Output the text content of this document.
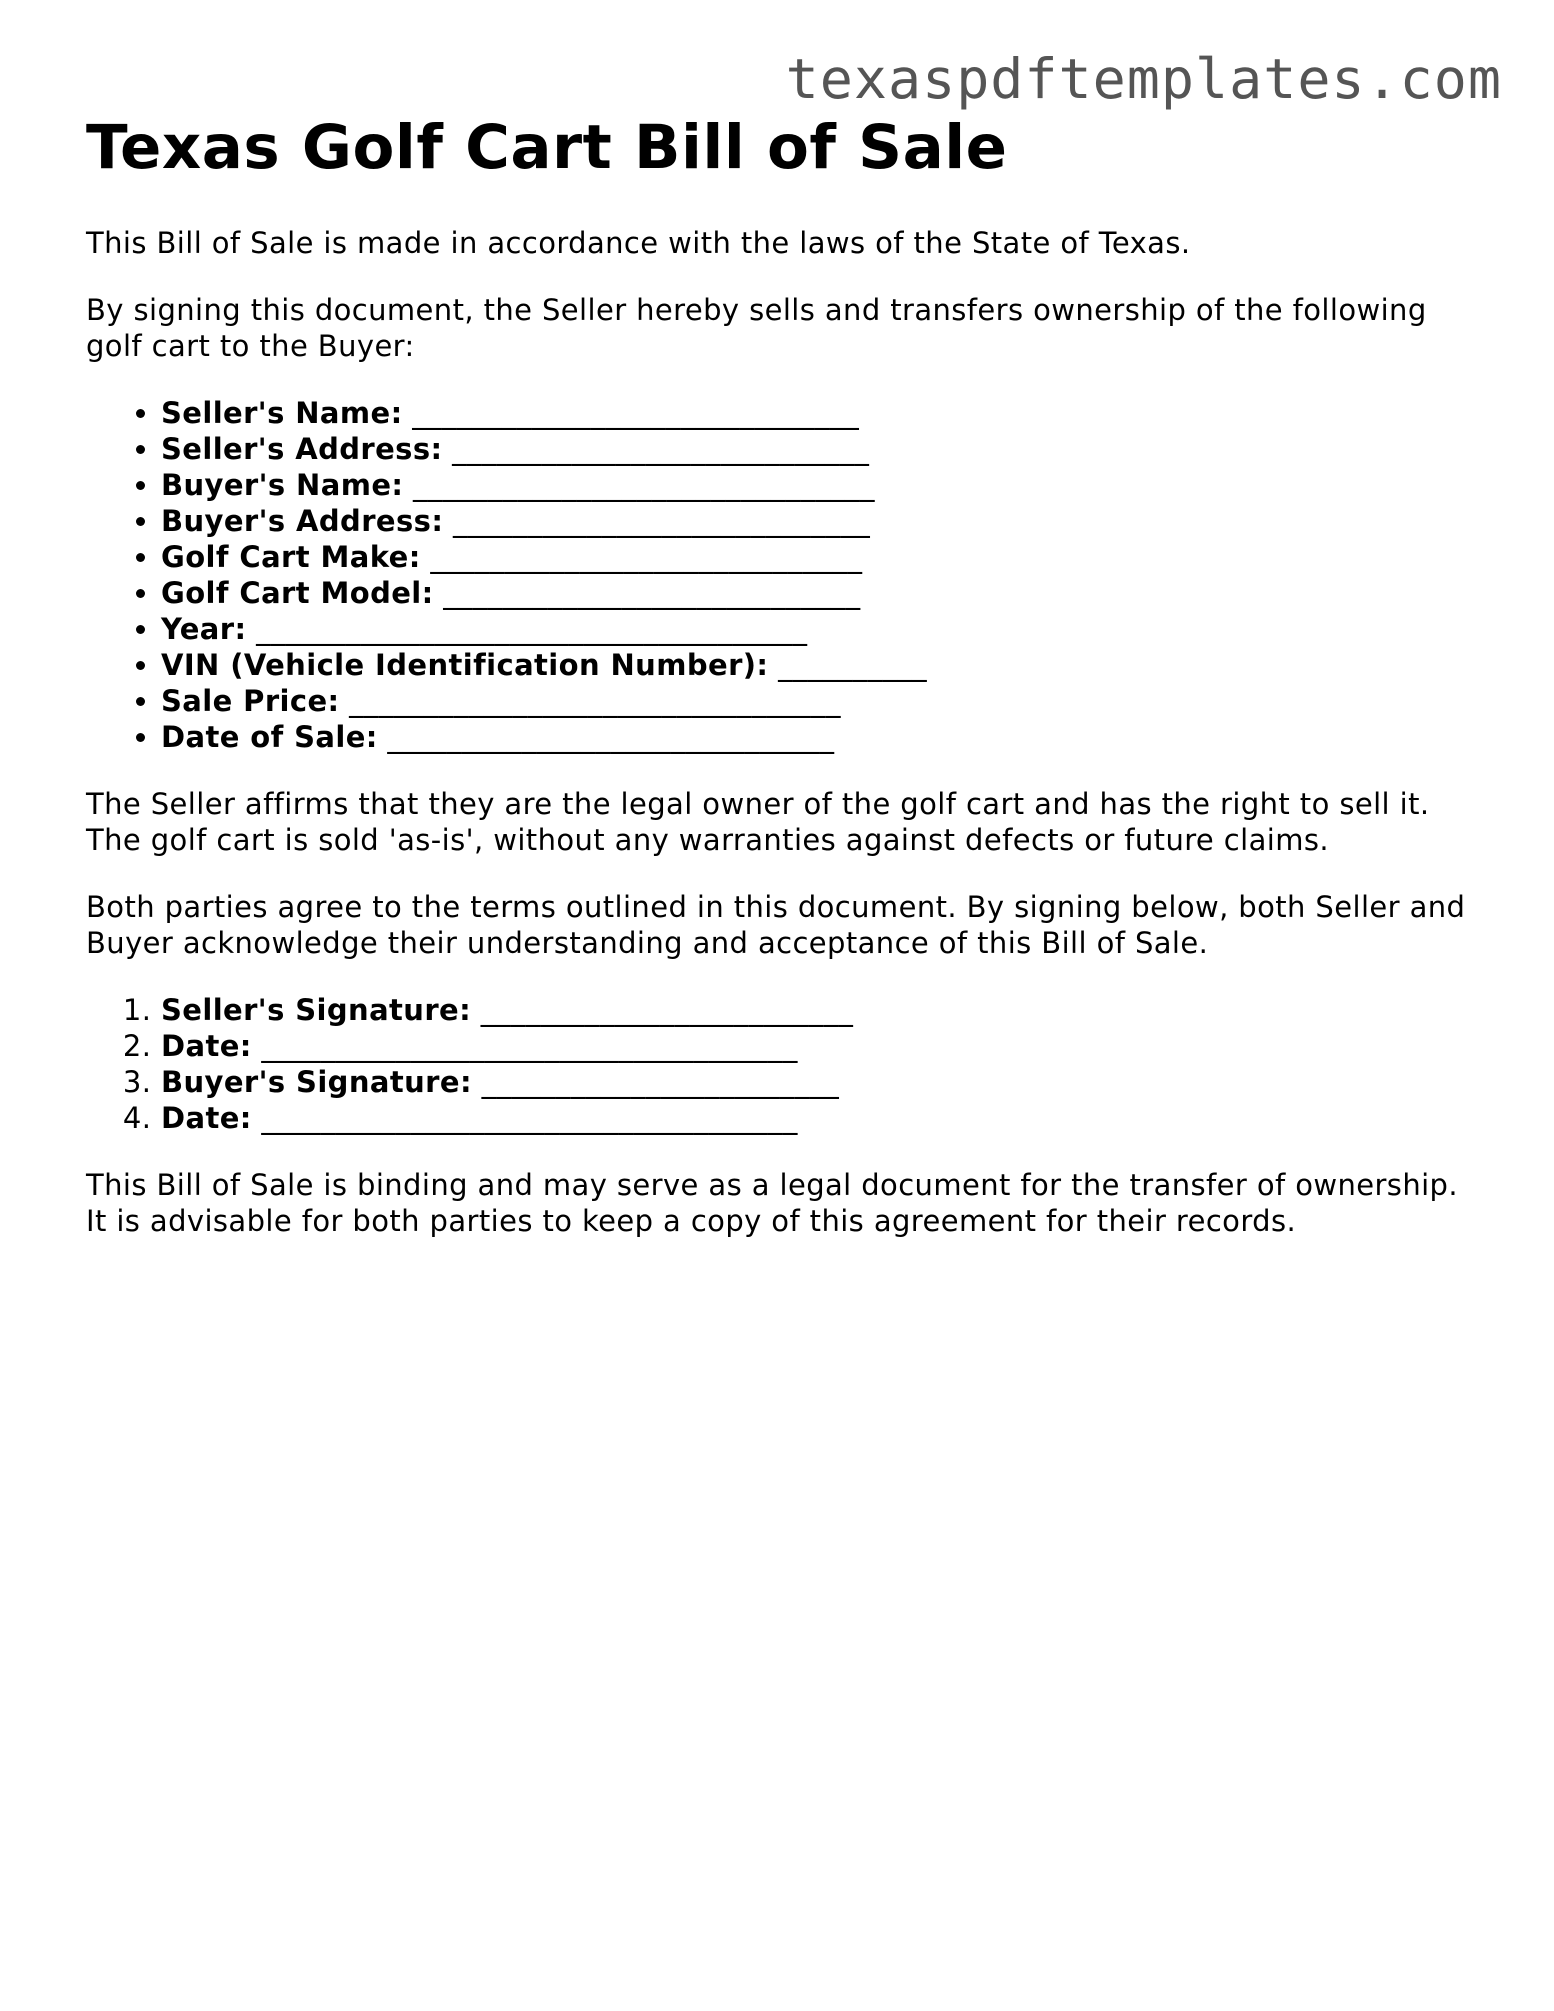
texaspdftemplates.com
Texas Golf Cart Bill of Sale

This Bill of Sale is made in accordance with the laws of the State of Texas.

By signing this document, the Seller hereby sells and transfers ownership of the following golf cart to the Buyer:

• Seller's Name: ______________________________
• Seller's Address: ____________________________
• Buyer's Name: _______________________________
• Buyer's Address: ____________________________
• Golf Cart Make: _____________________________
• Golf Cart Model: ____________________________
• Year: _____________________________________
• VIN (Vehicle Identification Number): __________
• Sale Price: _________________________________
• Date of Sale: ______________________________

The Seller affirms that they are the legal owner of the golf cart and has the right to sell it. The golf cart is sold 'as-is', without any warranties against defects or future claims.

Both parties agree to the terms outlined in this document. By signing below, both Seller and Buyer acknowledge their understanding and acceptance of this Bill of Sale.

1. Seller's Signature: _________________________
2. Date: ____________________________________
3. Buyer's Signature: ________________________
4. Date: ____________________________________

This Bill of Sale is binding and may serve as a legal document for the transfer of ownership. It is advisable for both parties to keep a copy of this agreement for their records.
